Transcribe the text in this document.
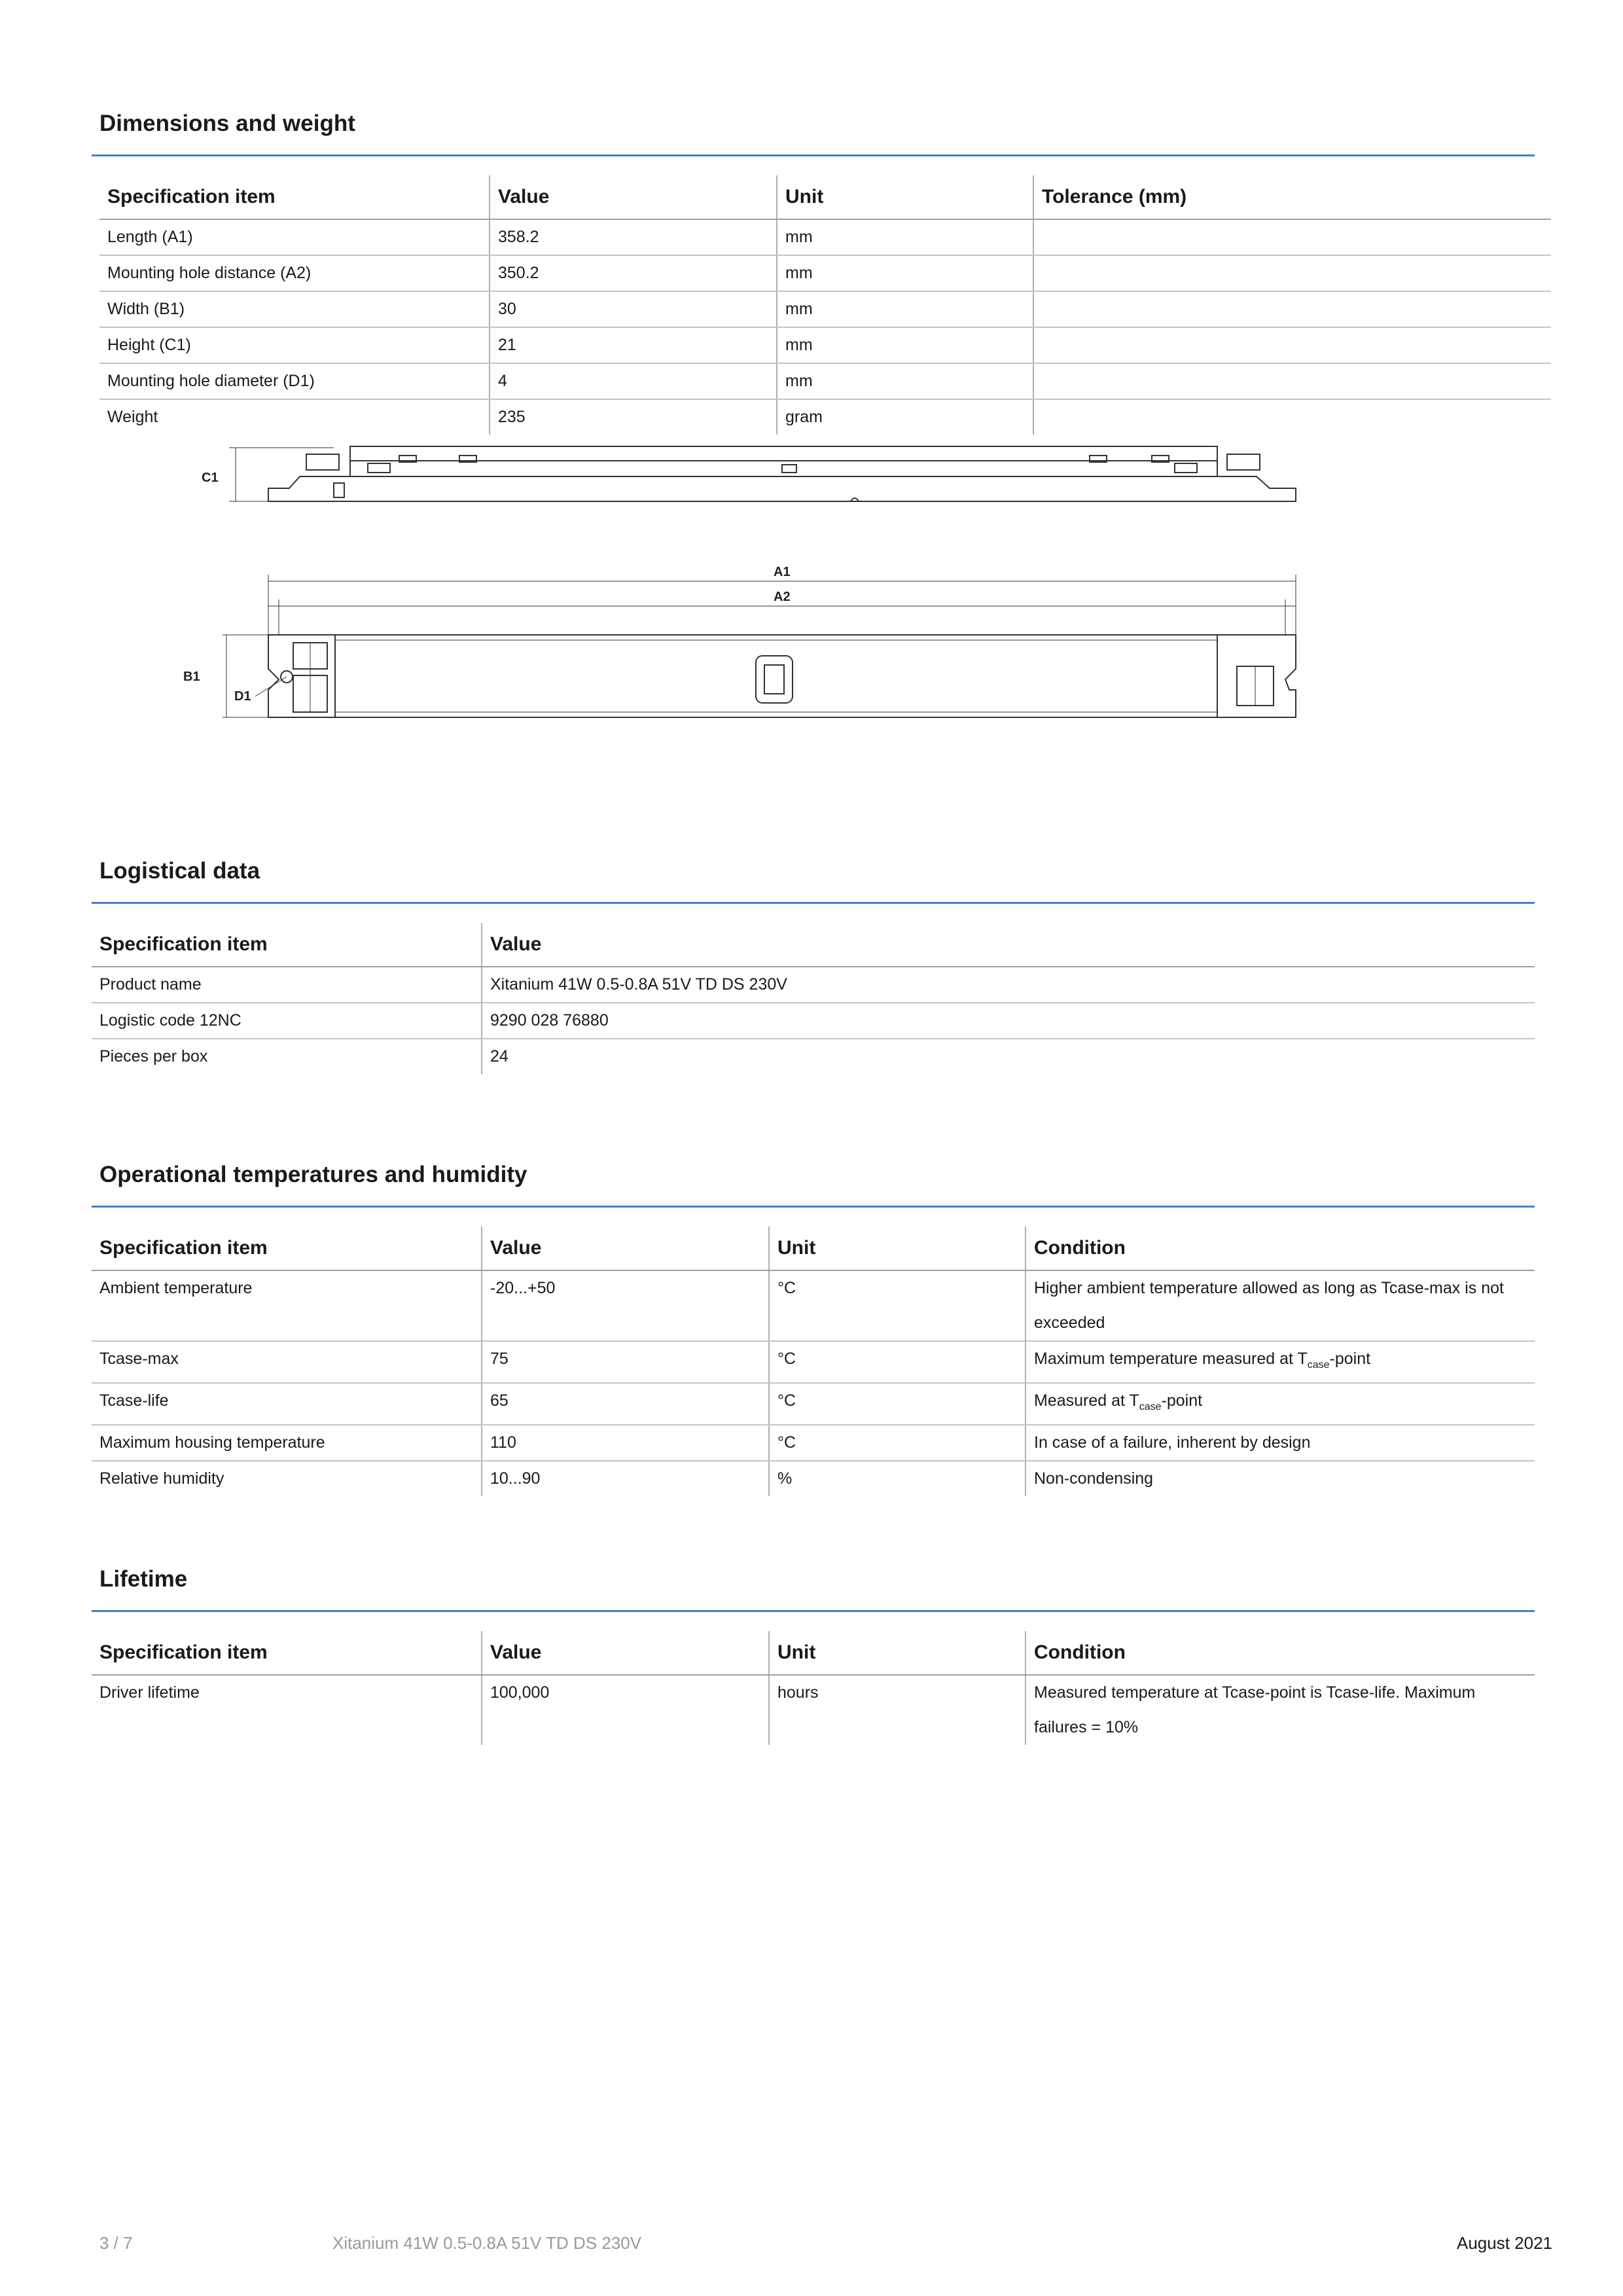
Dimensions and weight
Specification item	Value	Unit	Tolerance (mm)
Length (A1)	358.2	mm	
Mounting hole distance (A2)	350.2	mm	
Width (B1)	30	mm	
Height (C1)	21	mm	
Mounting hole diameter (D1)	4	mm	
Weight	235	gram	
C1
A1
A2
B1
D1
Logistical data
Specification item	Value
Product name	Xitanium 41W 0.5-0.8A 51V TD DS 230V
Logistic code 12NC	9290 028 76880
Pieces per box	24
Operational temperatures and humidity
Specification item	Value	Unit	Condition
Ambient temperature	-20...+50	°C	Higher ambient temperature allowed as long as Tcase-max is not exceeded
Tcase-max	75	°C	Maximum temperature measured at $T_{case}$-point
Tcase-life	65	°C	Measured at $T_{case}$-point
Maximum housing temperature	110	°C	In case of a failure, inherent by design
Relative humidity	10...90	%	Non-condensing
Lifetime
Specification item	Value	Unit	Condition
Driver lifetime	100,000	hours	Measured temperature at Tcase-point is Tcase-life. Maximum failures = 10%
3 / 7	Xitanium 41W 0.5-0.8A 51V TD DS 230V	August 2021
